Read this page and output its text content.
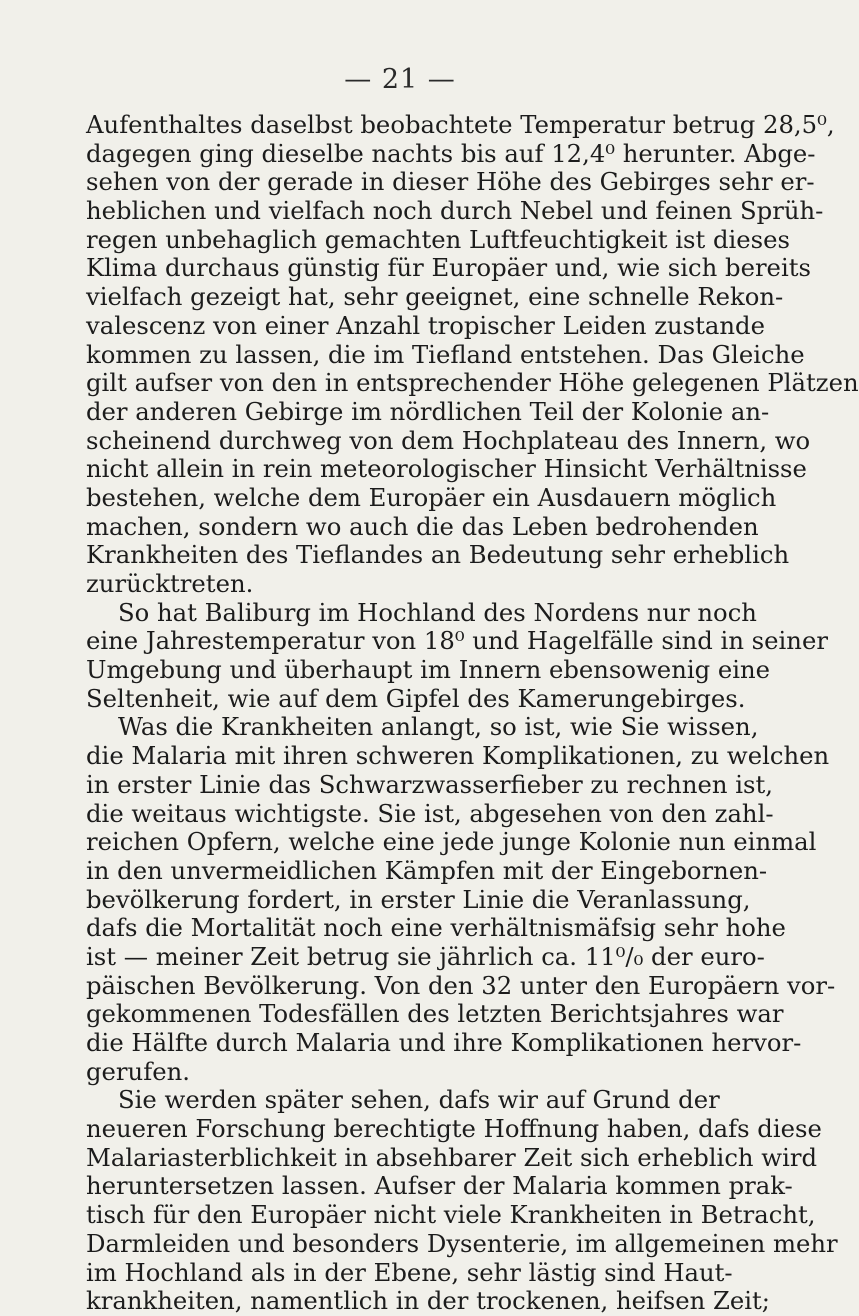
— 21 —
Aufenthaltes daselbst beobachtete Temperatur betrug 28,5⁰,
dagegen ging dieselbe nachts bis auf 12,4⁰ herunter. Abge-
sehen von der gerade in dieser Höhe des Gebirges sehr er-
heblichen und vielfach noch durch Nebel und feinen Sprüh-
regen unbehaglich gemachten Luftfeuchtigkeit ist dieses
Klima durchaus günstig für Europäer und, wie sich bereits
vielfach gezeigt hat, sehr geeignet, eine schnelle Rekon-
valescenz von einer Anzahl tropischer Leiden zustande
kommen zu lassen, die im Tiefland entstehen. Das Gleiche
gilt aufser von den in entsprechender Höhe gelegenen Plätzen
der anderen Gebirge im nördlichen Teil der Kolonie an-
scheinend durchweg von dem Hochplateau des Innern, wo
nicht allein in rein meteorologischer Hinsicht Verhältnisse
bestehen, welche dem Europäer ein Ausdauern möglich
machen, sondern wo auch die das Leben bedrohenden
Krankheiten des Tieflandes an Bedeutung sehr erheblich
zurücktreten.
So hat Baliburg im Hochland des Nordens nur noch
eine Jahrestemperatur von 18⁰ und Hagelfälle sind in seiner
Umgebung und überhaupt im Innern ebensowenig eine
Seltenheit, wie auf dem Gipfel des Kamerungebirges.
Was die Krankheiten anlangt, so ist, wie Sie wissen,
die Malaria mit ihren schweren Komplikationen, zu welchen
in erster Linie das Schwarzwasserfieber zu rechnen ist,
die weitaus wichtigste. Sie ist, abgesehen von den zahl-
reichen Opfern, welche eine jede junge Kolonie nun einmal
in den unvermeidlichen Kämpfen mit der Eingebornen-
bevölkerung fordert, in erster Linie die Veranlassung,
dafs die Mortalität noch eine verhältnismäfsig sehr hohe
ist — meiner Zeit betrug sie jährlich ca. 11⁰/₀ der euro-
päischen Bevölkerung. Von den 32 unter den Europäern vor-
gekommenen Todesfällen des letzten Berichtsjahres war
die Hälfte durch Malaria und ihre Komplikationen hervor-
gerufen.
Sie werden später sehen, dafs wir auf Grund der
neueren Forschung berechtigte Hoffnung haben, dafs diese
Malariasterblichkeit in absehbarer Zeit sich erheblich wird
heruntersetzen lassen. Aufser der Malaria kommen prak-
tisch für den Europäer nicht viele Krankheiten in Betracht,
Darmleiden und besonders Dysenterie, im allgemeinen mehr
im Hochland als in der Ebene, sehr lästig sind Haut-
krankheiten, namentlich in der trockenen, heifsen Zeit;
